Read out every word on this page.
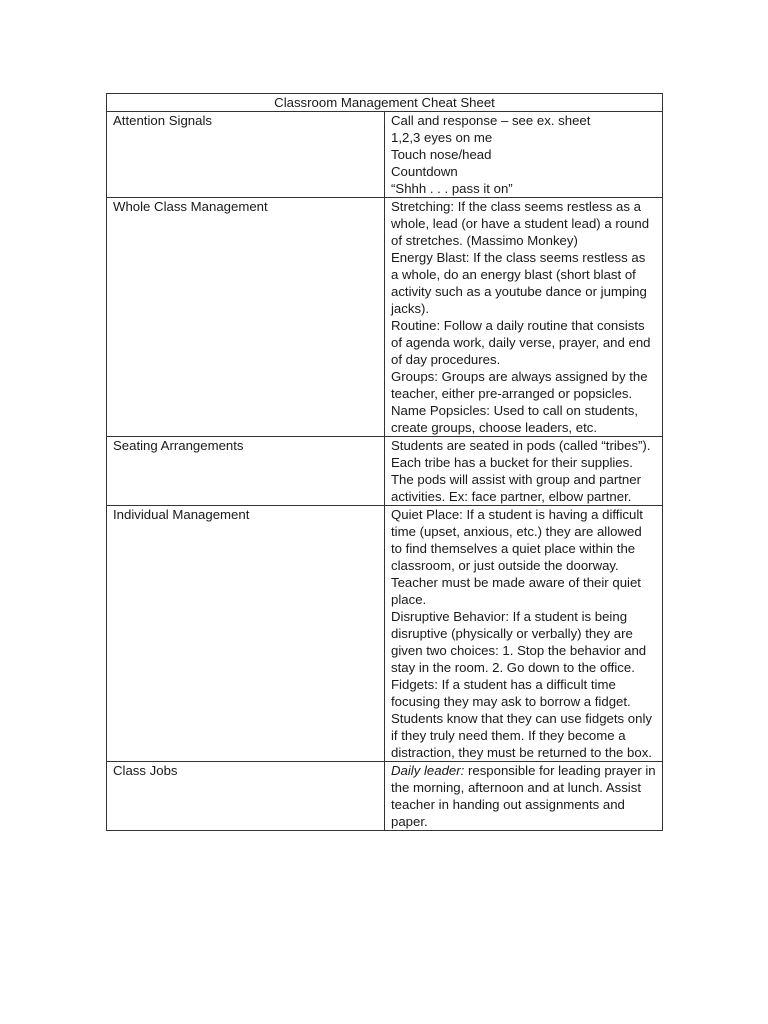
Classroom Management Cheat Sheet	
Attention Signals	Call and response – see ex. sheet
1,2,3 eyes on me
Touch nose/head
Countdown
“Shhh . . . pass it on”

Whole Class Management	Stretching: If the class seems restless as a whole, lead (or have a student lead) a round of stretches. (Massimo Monkey)
Energy Blast: If the class seems restless as a whole, do an energy blast (short blast of activity such as a youtube dance or jumping jacks).
Routine: Follow a daily routine that consists of agenda work, daily verse, prayer, and end of day procedures.
Groups: Groups are always assigned by the teacher, either pre-arranged or popsicles.
Name Popsicles: Used to call on students, create groups, choose leaders, etc.

Seating Arrangements	Students are seated in pods (called “tribes”). Each tribe has a bucket for their supplies. The pods will assist with group and partner activities. Ex: face partner, elbow partner.

Individual Management	Quiet Place: If a student is having a difficult time (upset, anxious, etc.) they are allowed to find themselves a quiet place within the classroom, or just outside the doorway. Teacher must be made aware of their quiet place.
Disruptive Behavior: If a student is being disruptive (physically or verbally) they are given two choices: 1. Stop the behavior and stay in the room. 2. Go down to the office.
Fidgets: If a student has a difficult time focusing they may ask to borrow a fidget. Students know that they can use fidgets only if they truly need them. If they become a distraction, they must be returned to the box.

Class Jobs	Daily leader: responsible for leading prayer in the morning, afternoon and at lunch. Assist teacher in handing out assignments and paper.
